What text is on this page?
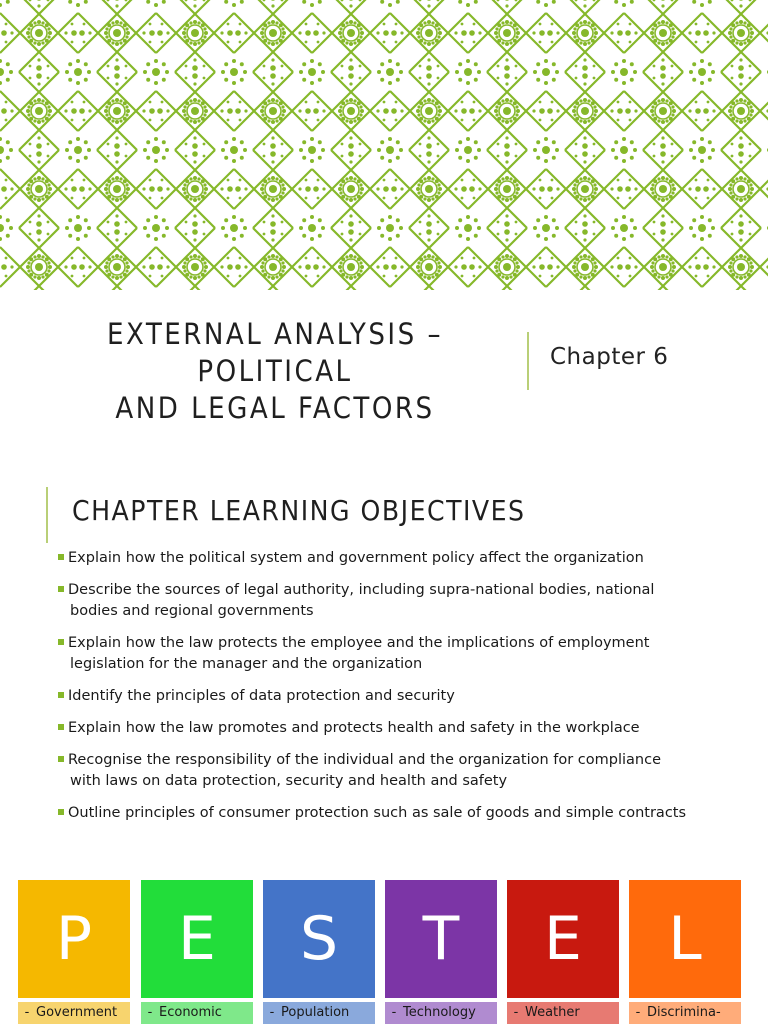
EXTERNAL ANALYSIS – POLITICAL
AND LEGAL FACTORS
Chapter 6
CHAPTER LEARNING OBJECTIVES
Explain how the political system and government policy affect the organization
Describe the sources of legal authority, including supra-national bodies, national
bodies and regional governments
Explain how the law protects the employee and the implications of employment
legislation for the manager and the organization
Identify the principles of data protection and security
Explain how the law promotes and protects health and safety in the workplace
Recognise the responsibility of the individual and the organization for compliance
with laws on data protection, security and health and safety
Outline principles of consumer protection such as sale of goods and simple contracts
P
- Government
E
- Economic
S
- Population
T
- Technology
E
- Weather
L
- Discrimina-
